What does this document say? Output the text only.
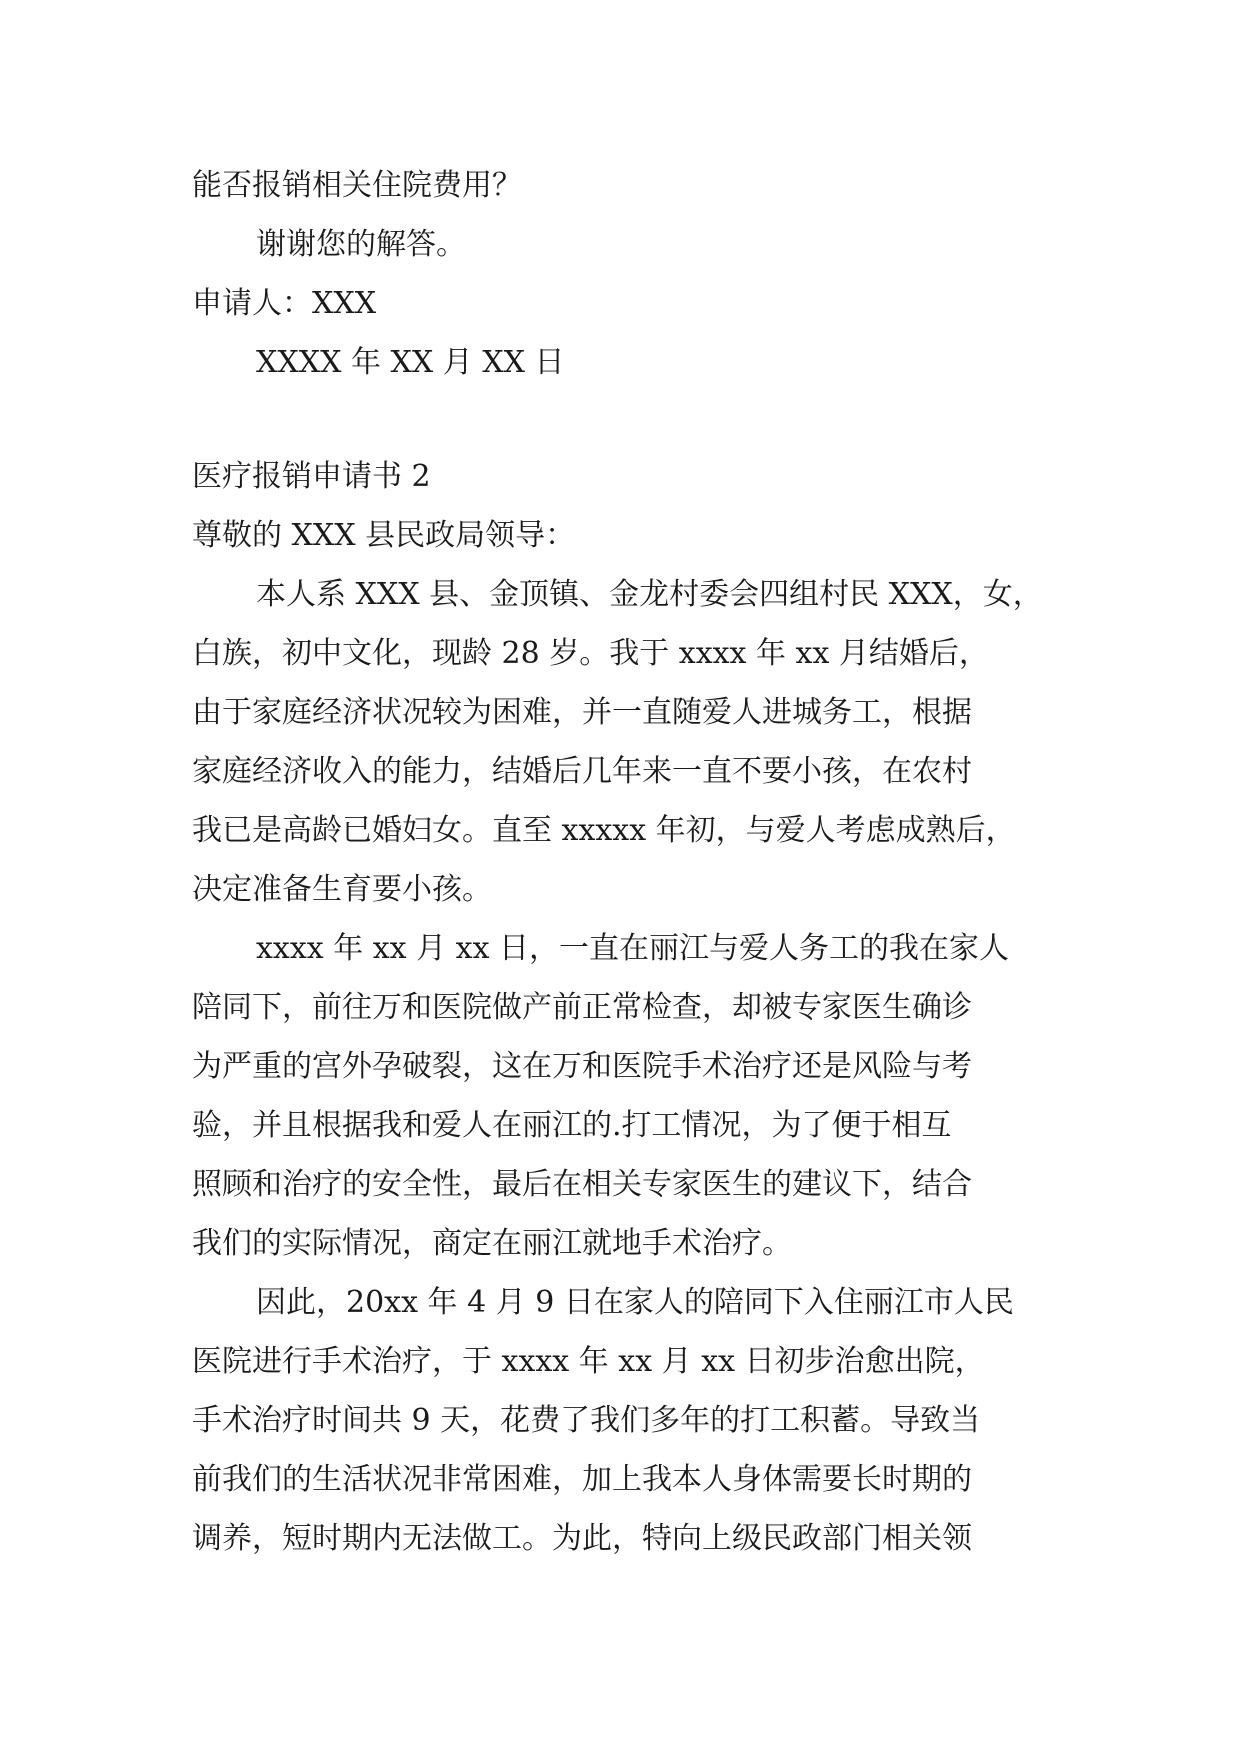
能否报销相关住院费用？
谢谢您的解答。
申请人：XXX
XXXX 年 XX 月 XX 日
医疗报销申请书 2
尊敬的 XXX 县民政局领导：
本人系 XXX 县、金顶镇、金龙村委会四组村民 XXX，女，
白族，初中文化，现龄 28 岁。我于 xxxx 年 xx 月结婚后，
由于家庭经济状况较为困难，并一直随爱人进城务工，根据
家庭经济收入的能力，结婚后几年来一直不要小孩，在农村
我已是高龄已婚妇女。直至 xxxxx 年初，与爱人考虑成熟后，
决定准备生育要小孩。
xxxx 年 xx 月 xx 日，一直在丽江与爱人务工的我在家人
陪同下，前往万和医院做产前正常检查，却被专家医生确诊
为严重的宫外孕破裂，这在万和医院手术治疗还是风险与考
验，并且根据我和爱人在丽江的.打工情况，为了便于相互
照顾和治疗的安全性，最后在相关专家医生的建议下，结合
我们的实际情况，商定在丽江就地手术治疗。
因此，20xx 年 4 月 9 日在家人的陪同下入住丽江市人民
医院进行手术治疗，于 xxxx 年 xx 月 xx 日初步治愈出院，
手术治疗时间共 9 天，花费了我们多年的打工积蓄。导致当
前我们的生活状况非常困难，加上我本人身体需要长时期的
调养，短时期内无法做工。为此，特向上级民政部门相关领
